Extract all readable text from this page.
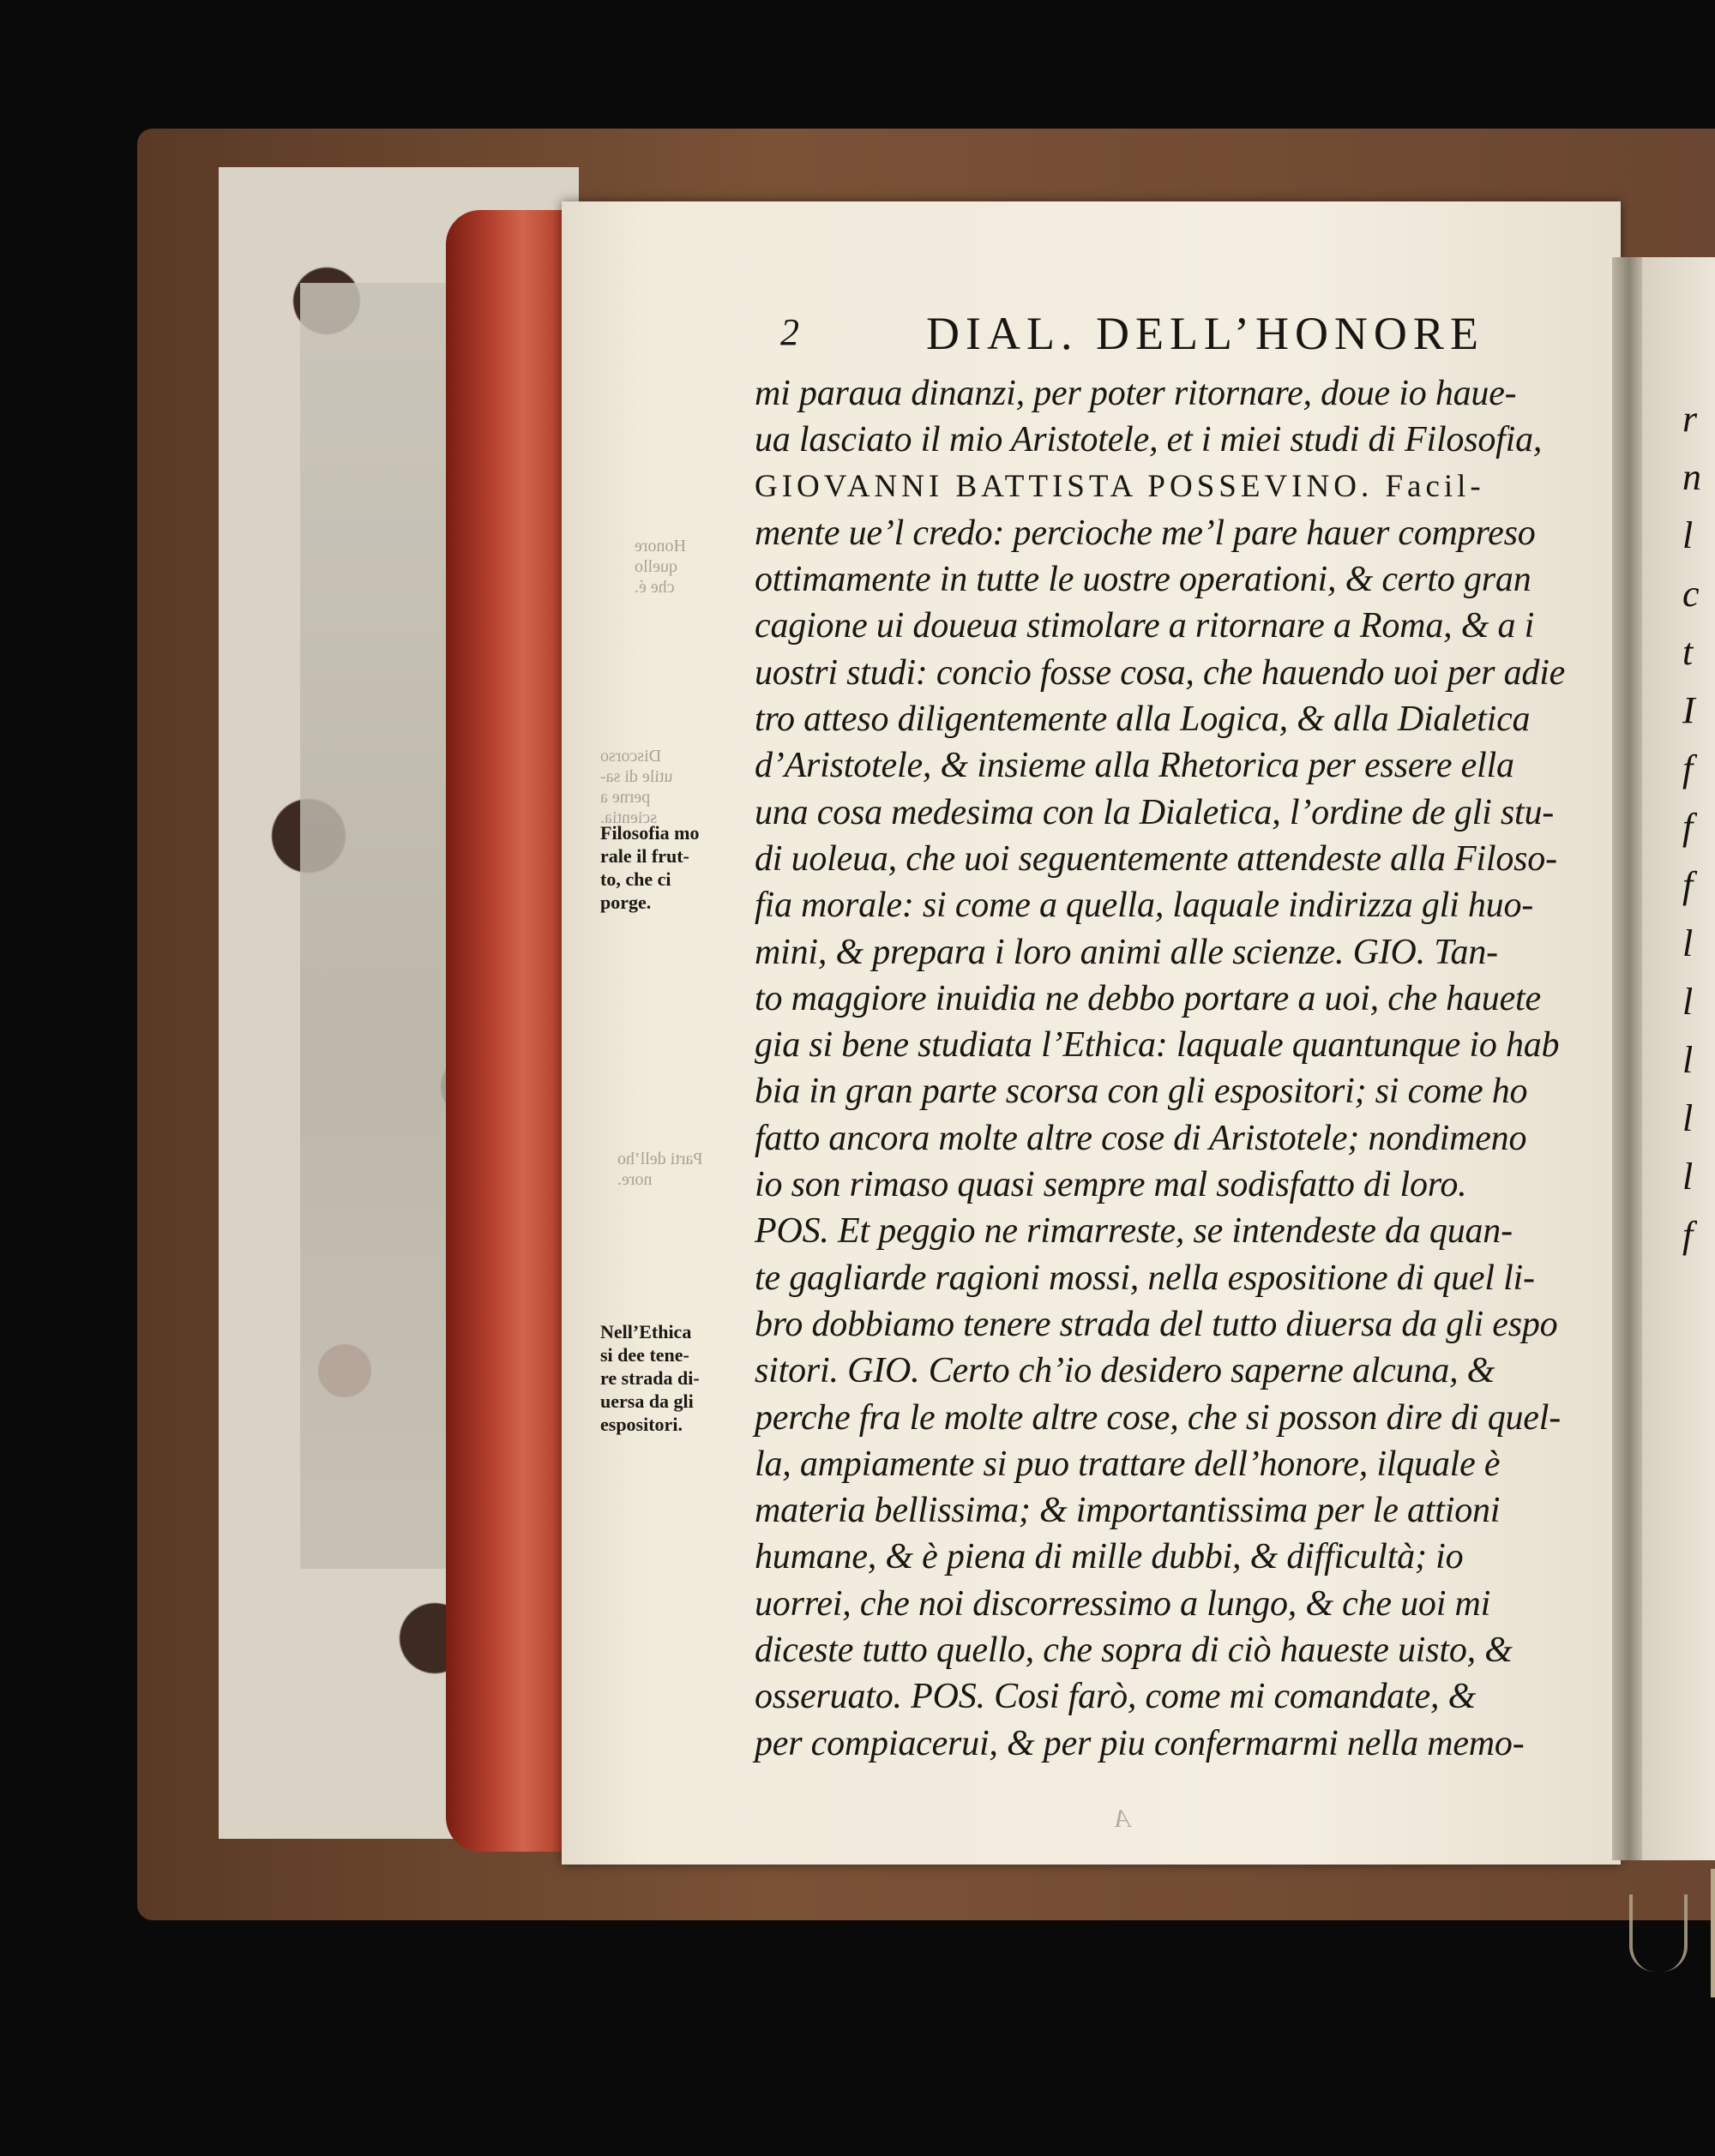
r
n
l
c
t
I
f
f
f
l
l
l
l
l
f
2	DIAL. DELL’HONORE
mi paraua dinanzi, per poter ritornare, doue io haue-
ua lasciato il mio Aristotele, et i miei studi di Filosofia,
GIOVANNI BATTISTA POSSEVINO. Facil-
mente ue’l credo: percioche me’l pare hauer compreso
ottimamente in tutte le uostre operationi, & certo gran
cagione ui doueua stimolare a ritornare a Roma, & a i
uostri studi: concio fosse cosa, che hauendo uoi per adie
tro atteso diligentemente alla Logica, & alla Dialetica
d’Aristotele, & insieme alla Rhetorica per essere ella
una cosa medesima con la Dialetica, l’ordine de gli stu-
di uoleua, che uoi seguentemente attendeste alla Filoso-
fia morale: si come a quella, laquale indirizza gli huo-
mini, & prepara i loro animi alle scienze. GIO. Tan-
to maggiore inuidia ne debbo portare a uoi, che hauete
gia si bene studiata l’Ethica: laquale quantunque io hab
bia in gran parte scorsa con gli espositori; si come ho
fatto ancora molte altre cose di Aristotele; nondimeno
io son rimaso quasi sempre mal sodisfatto di loro.
POS. Et peggio ne rimarreste, se intendeste da quan-
te gagliarde ragioni mossi, nella espositione di quel li-
bro dobbiamo tenere strada del tutto diuersa da gli espo
sitori. GIO. Certo ch’io desidero saperne alcuna, &
perche fra le molte altre cose, che si posson dire di quel-
la, ampiamente si puo trattare dell’honore, ilquale è
materia bellissima; & importantissima per le attioni
humane, & è piena di mille dubbi, & difficultà; io
uorrei, che noi discorressimo a lungo, & che uoi mi
diceste tutto quello, che sopra di ciò haueste uisto, &
osseruato. POS. Cosi farò, come mi comandate, &
per compiacerui, & per piu confermarmi nella memo-
Filosofia mo
rale il frut-
to, che ci
porge.
Nell’Ethica
si dee tene-
re strada di-
uersa da gli
espositori.
Honore
quello
che é.
Discorso
utile di sa-
perne a
scientia.
Parti dell’ho
nore.
A
